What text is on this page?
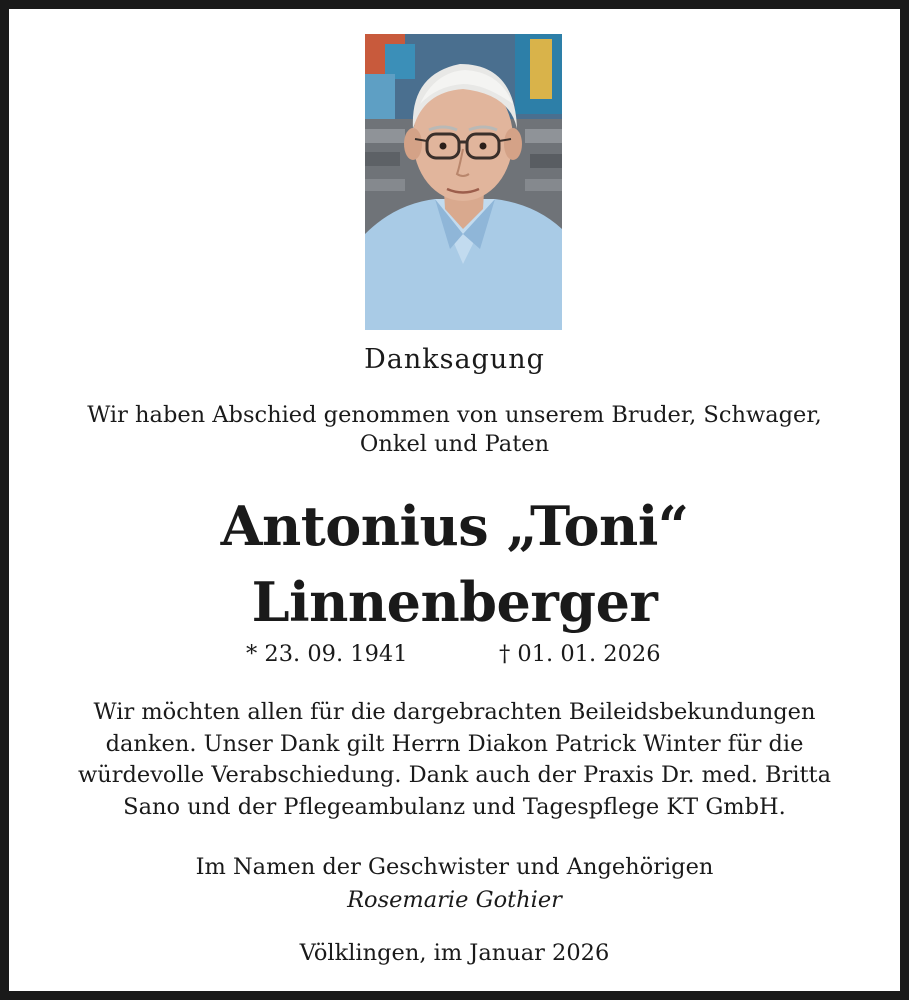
Danksagung
Wir haben Abschied genommen von unserem Bruder, Schwager,
Onkel und Paten
Antonius „Toni“
Linnenberger
* 23. 09. 1941	† 01. 01. 2026
Wir möchten allen für die dargebrachten Beileidsbekundungen
danken. Unser Dank gilt Herrn Diakon Patrick Winter für die
würdevolle Verabschiedung. Dank auch der Praxis Dr. med. Britta
Sano und der Pflegeambulanz und Tagespflege KT GmbH.
Im Namen der Geschwister und Angehörigen
Rosemarie Gothier
Völklingen, im Januar 2026
